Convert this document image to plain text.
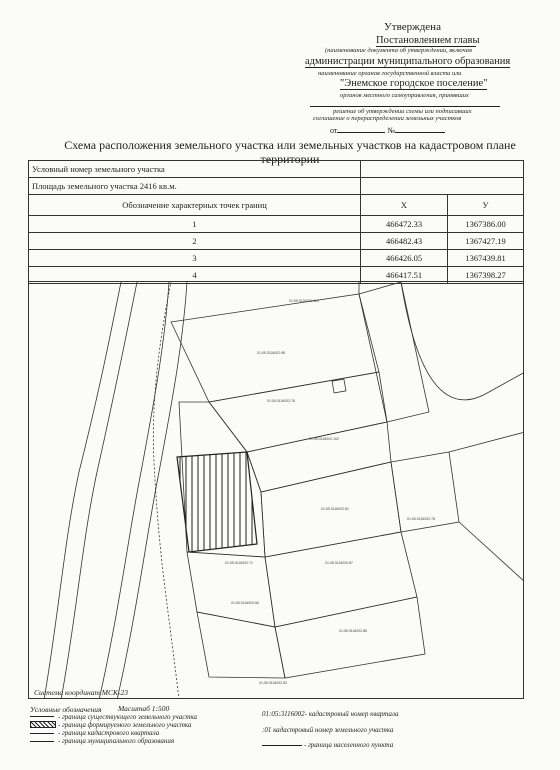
Утверждена
Постановлением главы
(наименование документа об утверждении, включая
администрации муниципального образования
наименование органов государственной власти или
"Энемское городское поселение"
органов местного самоуправления, принявших
решение об утверждении схемы или подписавших
соглашение о перераспределении земельных участков
от	№
Схема расположения земельного участка или земельных участков на кадастровом плане территории
Условный номер земельного участка		
Площадь земельного участка 2416 кв.м.		
Обозначение характерных точек границ	X	У
1	466472.33	1367386.00
2	466482.43	1367427.19
3	466426.05	1367439.81
4	466417.51	1367398.27
01:05:3116002:115
01:05:3116002:98
01:05:3116002:76
01:05:3116002:102
01:05:3116002:81
01:05:3116002:87
01:05:3116002:88
01:05:3116002:71
01:05:3116002:66
01:05:3116002:78
01:05:3116002:63
Система координат МСК-23
Условные обозначения Масштаб 1:500
- граница существующего земельного участка
- граница формируемого земельного участка
- граница кадастрового квартала
- граница муниципального образования
01:05:3116002- кадастровый номер квартала
:01 кадастровый номер земельного участка
- граница населенного пункта
